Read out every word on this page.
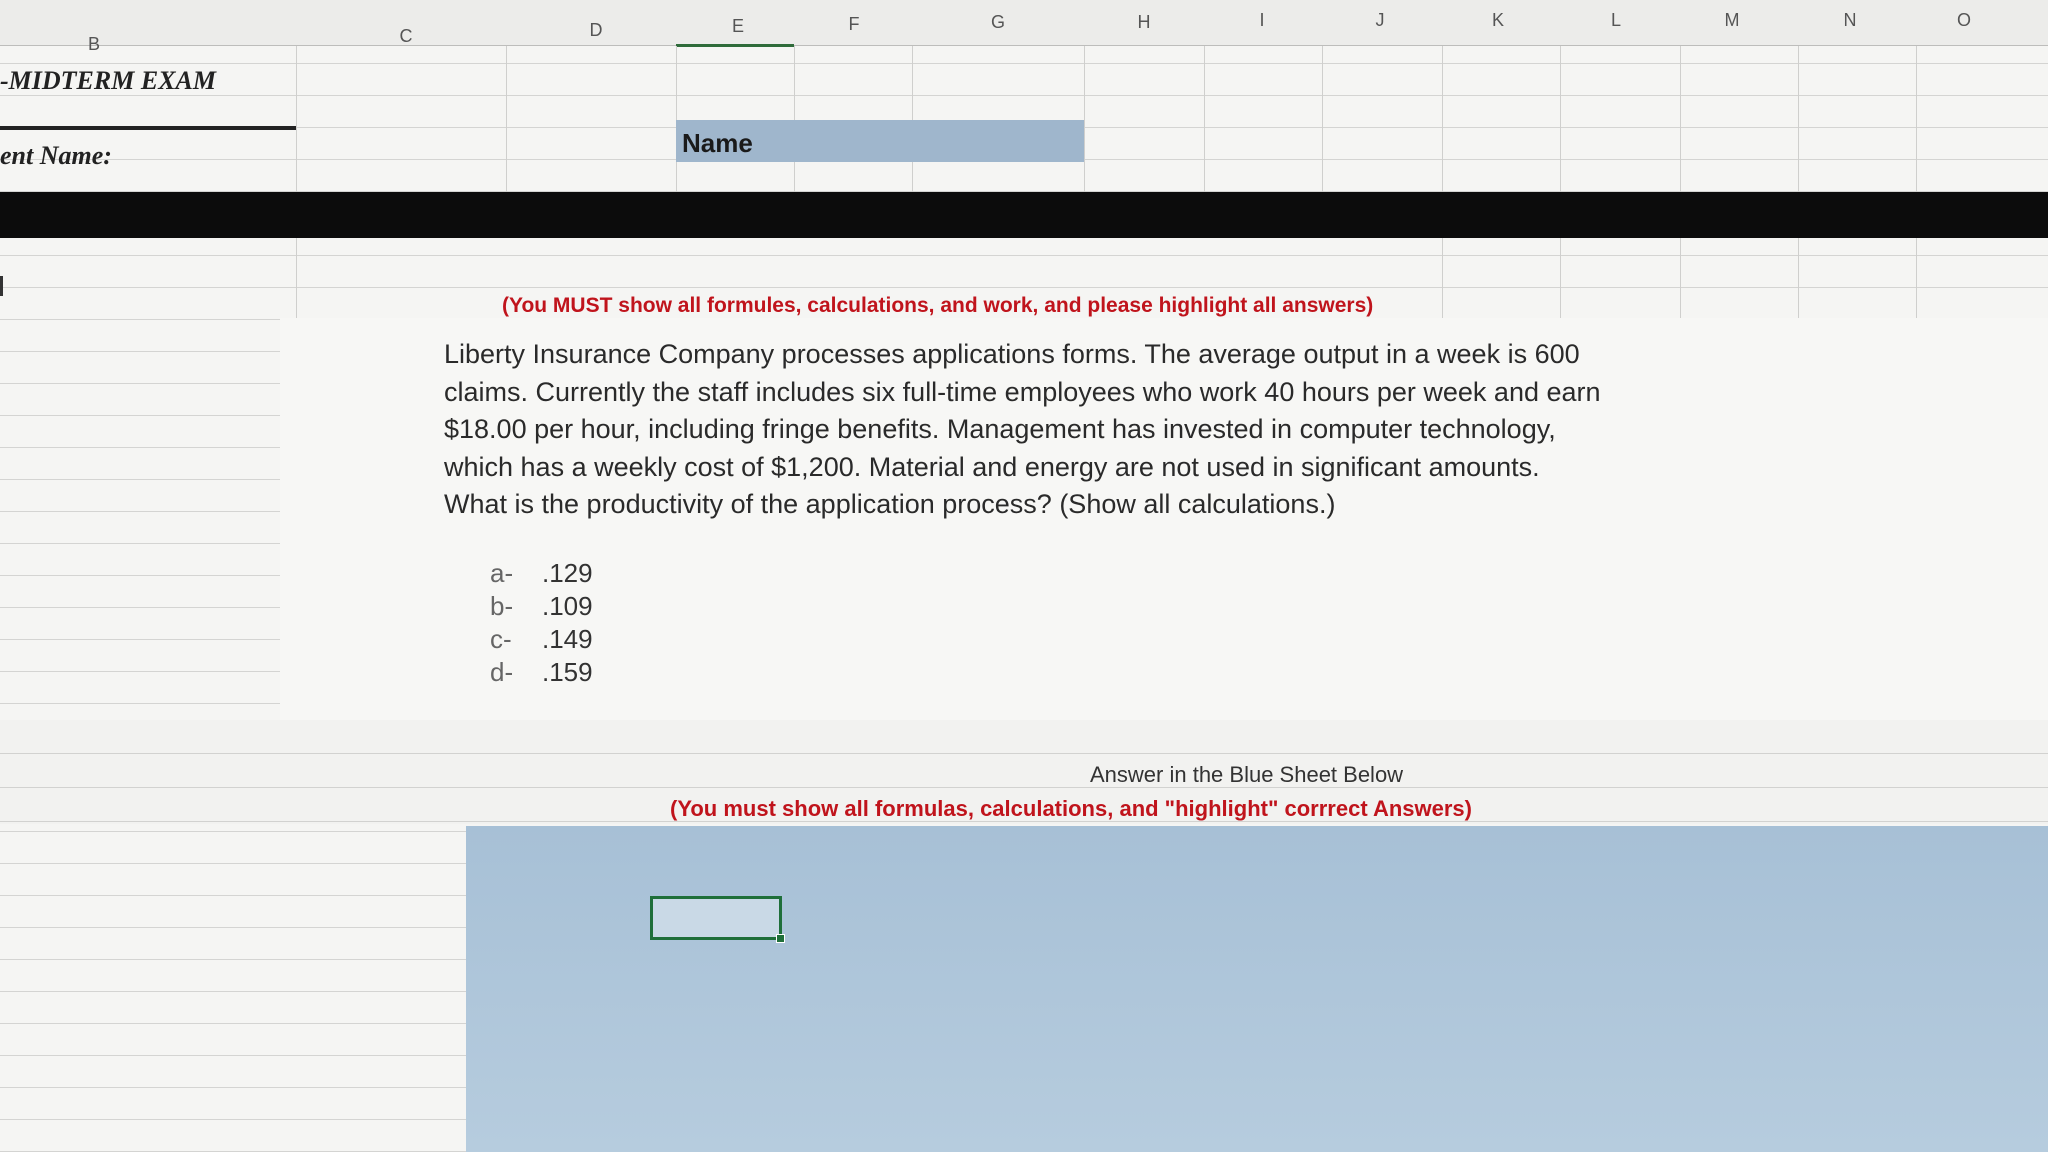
B	C	D	E	F	G	H	I	J	K	L	M	N	O
-MIDTERM EXAM
ent Name:	Name
(You MUST show all formules, calculations, and work, and please highlight all answers)
Liberty Insurance Company processes applications forms. The average output in a week is 600
claims. Currently the staff includes six full-time employees who work 40 hours per week and earn
$18.00 per hour, including fringe benefits. Management has invested in computer technology,
which has a weekly cost of $1,200. Material and energy are not used in significant amounts.
What is the productivity of the application process? (Show all calculations.)
a- .129
b- .109
c- .149
d- .159
Answer in the Blue Sheet Below
(You must show all formulas, calculations, and "highlight" corrrect Answers)
